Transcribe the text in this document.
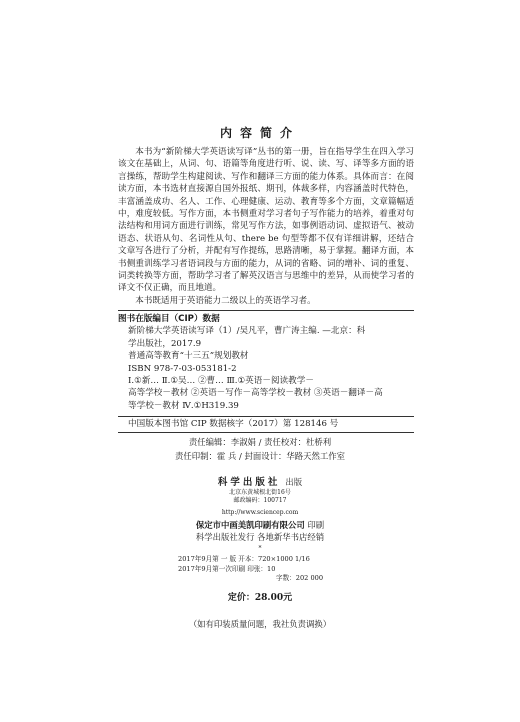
内容简介

本书为“新阶梯大学英语读写译”丛书的第一册，旨在指导学生在四入学习该文在基础上，从词、句、语篇等角度进行听、说、读、写、译等多方面的语言操练，帮助学生构建阅读、写作和翻译三方面的能力体系。具体而言：在阅读方面，本书选材直接源自国外报纸、期刊，体裁多样，内容涵盖时代特色，丰富涵盖成功、名人、工作、心理健康、运动、教育等多个方面，文章篇幅适中，难度较低。写作方面，本书侧重对学习者句子写作能力的培养，着重对句法结构和用词方面进行训练，常见写作方法，如事例语动词、虚拟语气、被动语态、状语从句、名词性从句、there be 句型等都不仅有详细讲解，还结合文章写各进行了分析，并配有写作提练，思路清晰，易于掌握。翻译方面，本书侧重训练学习者语词段与方面的能力，从词的省略、词的增补、词的重复、词类转换等方面，帮助学习者了解英汉语言与思维中的差异，从而使学习者的译文不仅正确，而且地道。

本书既适用于英语能力二级以上的英语学习者。

图书在版编目（CIP）数据
新阶梯大学英语读写译（1）/吴凡平，曹广涛主编. —北京：科
学出版社，2017.9
普通高等教育“十三五”规划教材
ISBN 978-7-03-053181-2
Ⅰ.①新… Ⅱ.①吴… ②曹… Ⅲ.①英语－阅读教学－
高等学校－教材 ②英语－写作－高等学校－教材 ③英语－翻译－高
等学校－教材 Ⅳ.①H319.39
中国版本图书馆 CIP 数据核字（2017）第 128146 号
责任编辑：李淑娟 / 责任校对：杜桥利
责任印制：霍 兵 / 封面设计：华路天然工作室
科学出版社 出版
北京东黄城根北街16号
邮政编码：100717
http://www.sciencep.com
保定市中画美凯印刷有限公司 印刷
科学出版社发行 各地新华书店经销
*
2017年9月第 一 版 开本：720×1000 1/16
2017年9月第一次印刷 印张：10
字数：202 000
定价：28.00元
（如有印装质量问题，我社负责调换）
